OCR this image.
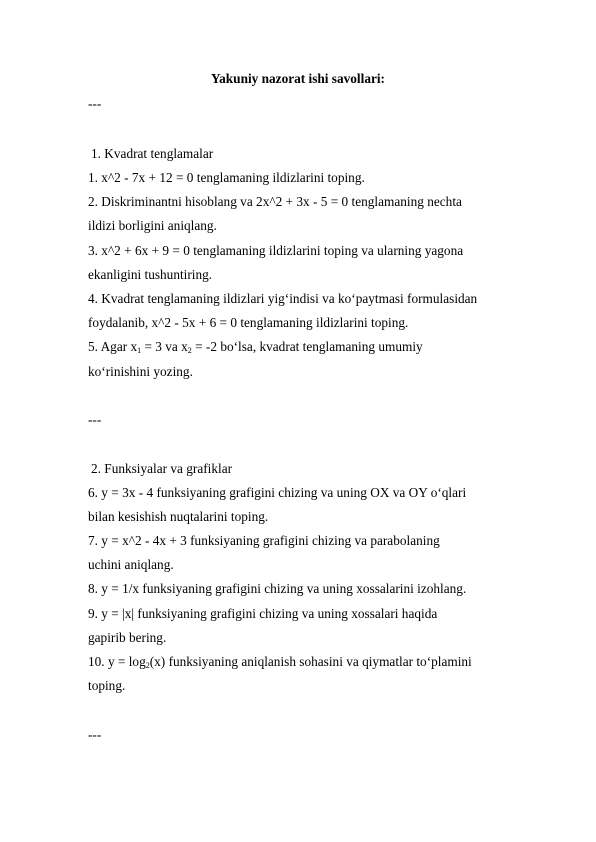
Yakuniy nazorat ishi savollari:
---
1. Kvadrat tenglamalar
1. x^2 - 7x + 12 = 0 tenglamaning ildizlarini toping.
2. Diskriminantni hisoblang va 2x^2 + 3x - 5 = 0 tenglamaning nechta
ildizi borligini aniqlang.
3. x^2 + 6x + 9 = 0 tenglamaning ildizlarini toping va ularning yagona
ekanligini tushuntiring.
4. Kvadrat tenglamaning ildizlari yig‘indisi va ko‘paytmasi formulasidan
foydalanib, x^2 - 5x + 6 = 0 tenglamaning ildizlarini toping.
5. Agar $x_1 = 3$ va $x_2 = -2$ bo‘lsa, kvadrat tenglamaning umumiy
ko‘rinishini yozing.
---
2. Funksiyalar va grafiklar
6. y = 3x - 4 funksiyaning grafigini chizing va uning OX va OY o‘qlari
bilan kesishish nuqtalarini toping.
7. y = x^2 - 4x + 3 funksiyaning grafigini chizing va parabolaning
uchini aniqlang.
8. y = 1/x funksiyaning grafigini chizing va uning xossalarini izohlang.
9. y = |x| funksiyaning grafigini chizing va uning xossalari haqida
gapirib bering.
10. $y = \log_2(x)$ funksiyaning aniqlanish sohasini va qiymatlar to‘plamini
toping.
---
